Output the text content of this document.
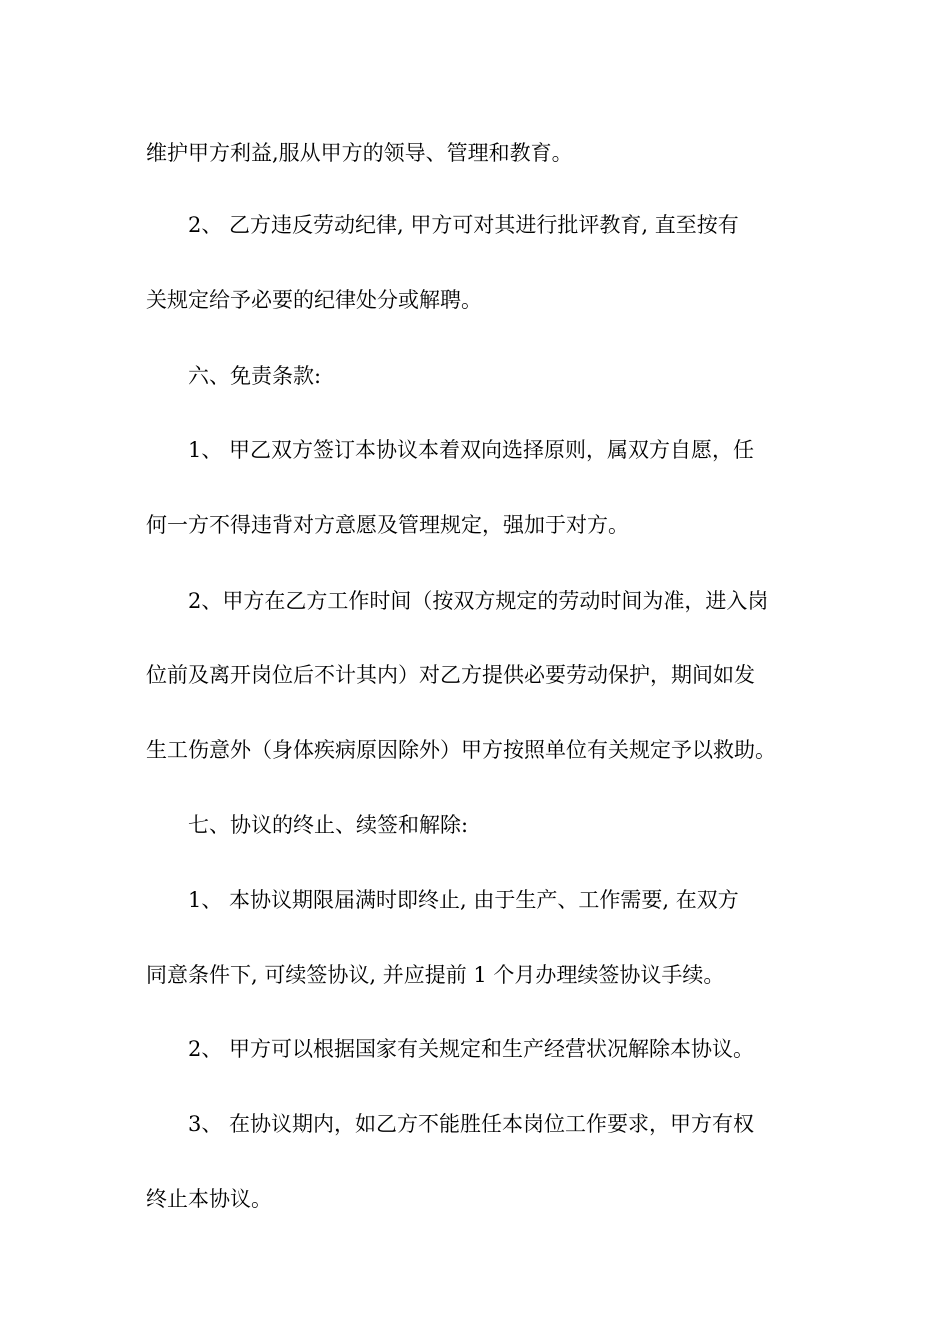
维护甲方利益,服从甲方的领导、管理和教育。
2、 乙方违反劳动纪律, 甲方可对其进行批评教育, 直至按有
关规定给予必要的纪律处分或解聘。
六、免责条款:
1、 甲乙双方签订本协议本着双向选择原则，属双方自愿，任
何一方不得违背对方意愿及管理规定，强加于对方。
2、甲方在乙方工作时间（按双方规定的劳动时间为准，进入岗
位前及离开岗位后不计其内）对乙方提供必要劳动保护，期间如发
生工伤意外（身体疾病原因除外）甲方按照单位有关规定予以救助。
七、协议的终止、续签和解除:
1、 本协议期限届满时即终止, 由于生产、工作需要, 在双方
同意条件下, 可续签协议, 并应提前 1 个月办理续签协议手续。
2、 甲方可以根据国家有关规定和生产经营状况解除本协议。
3、 在协议期内，如乙方不能胜任本岗位工作要求，甲方有权
终止本协议。
